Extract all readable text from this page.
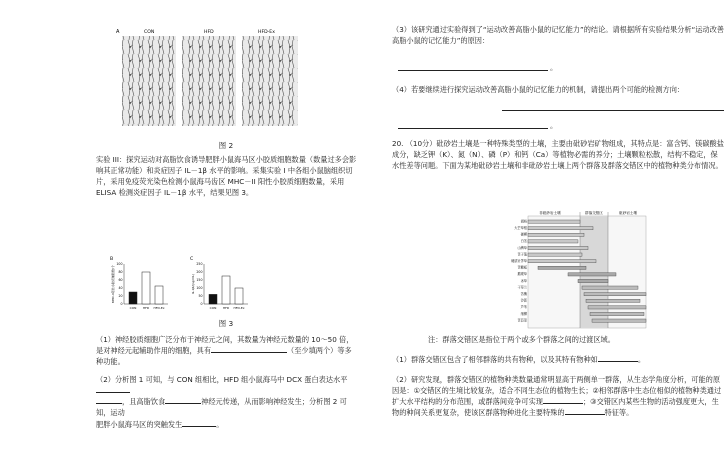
A	CON	HFD	HFD-Ex
图 2
实验 III：探究运动对高脂饮食诱导肥胖小鼠海马区小胶质细胞数量（数量过多会影响其正常功能）和炎症因子 IL－1β 水平的影响。采集实验 I 中各组小鼠脑组织切片，采用免疫荧光染色检测小鼠海马齿区 MHC－II 阳性小胶质细胞数量，采用 ELISA 检测炎症因子 IL－1β 水平，结果见图 3。
B	C
0
20
40
60
80
100
MHC-II阳性小胶质细胞数/个
CON HFD HFD-Ex
0
50
100
150
200
250
IL-1β/(pg/mL)
CON HFD HFD-Ex
图 3
（1）神经胶质细胞广泛分布于神经元之间，其数量为神经元数量的 10～50 倍，是对神经元起辅助作用的细胞，具有	（至少填两个）等多种功能。
（2）分析图 1 可知，与 CON 组相比，HFD 组小鼠海马中 DCX 蛋白表达水平
，且高脂饮食	神经元传递，从而影响神经发生；分析图 2 可知，运动
肥胖小鼠海马区的突触发生	。
（3）该研究通过实验得到了“运动改善高脂小鼠的记忆能力”的结论。请根据所有实验结果分析“运动改善高脂小鼠的记忆能力”的原因：
。
（4）若要继续进行探究运动改善高脂小鼠的记忆能力的机制，请提出两个可能的检测方向：
。
20. （10分）砒砂岩土壤是一种特殊类型的土壤，主要由砒砂岩矿物组成，其特点是：富含钙、镁碳酸盐成分，缺乏钾（K）、氮（N）、磷（P）和钙（Ca）等植物必需的养分；土壤颗粒松散，结构不稳定，保水性差等问题。下面为某地砒砂岩土壤和非砒砂岩土壤上两个群落及群落交错区中的植物种类分布情况。
非砒砂岩土壤	群落交错区	砒砂岩土壤
胡杨
大芒草根
硬柳
白茎
山稗草
苦子蓬
硬质针茅草
苦糠板
鹅观草
冰草
干草兰
苦槐
沙蒿
芦苇
细柳
苦苣菜
注：群落交错区是指位于两个或多个群落之间的过渡区域。
（1）群落交错区包含了相邻群落的共有物种，以及其特有物种如	。
（2）研究发现，群落交错区的植物种类数量通常明显高于两侧单一群落，从生态学角度分析，可能的原因是：①交错区的生境比较复杂，适合不同生态位的植物生长；②相邻群落中生态位相似的植物种类通过扩大水平结构的分布范围，或群落间竞争可实现	；③交错区内某些生物的活动强度更大，生物的种间关系更复杂，使该区群落物种进化主要特殊的	特征等。
